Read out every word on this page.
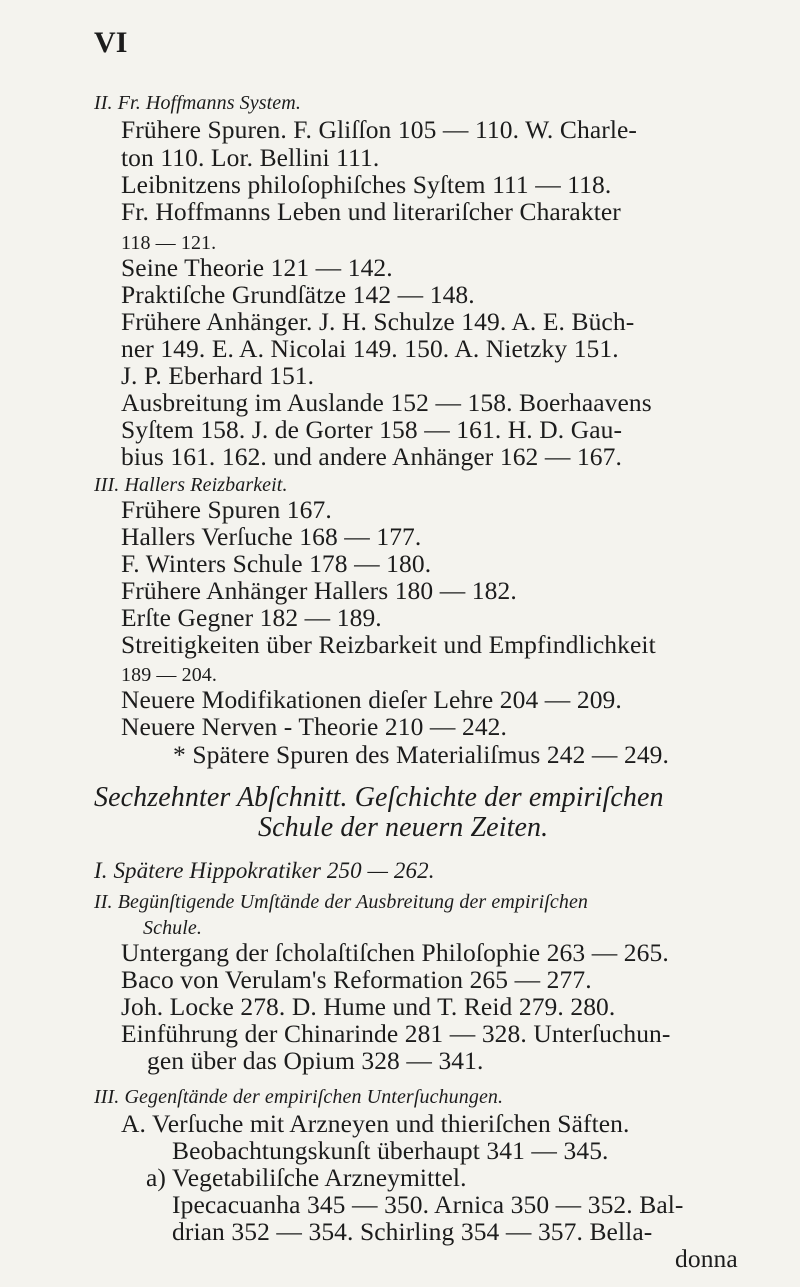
VI
II. Fr. Hoffmanns System.
Frühere Spuren. F. Gliſſon 105 — 110. W. Charle-
ton 110. Lor. Bellini 111.
Leibnitzens philoſophiſches Syſtem 111 — 118.
Fr. Hoffmanns Leben und literariſcher Charakter
118 — 121.
Seine Theorie 121 — 142.
Praktiſche Grundſätze 142 — 148.
Frühere Anhänger. J. H. Schulze 149. A. E. Büch-
ner 149. E. A. Nicolai 149. 150. A. Nietzky 151.
J. P. Eberhard 151.
Ausbreitung im Auslande 152 — 158. Boerhaavens
Syſtem 158. J. de Gorter 158 — 161. H. D. Gau-
bius 161. 162. und andere Anhänger 162 — 167.
III. Hallers Reizbarkeit.
Frühere Spuren 167.
Hallers Verſuche 168 — 177.
F. Winters Schule 178 — 180.
Frühere Anhänger Hallers 180 — 182.
Erſte Gegner 182 — 189.
Streitigkeiten über Reizbarkeit und Empfindlichkeit
189 — 204.
Neuere Modifikationen dieſer Lehre 204 — 209.
Neuere Nerven - Theorie 210 — 242.
* Spätere Spuren des Materialiſmus 242 — 249.
Sechzehnter Abſchnitt. Geſchichte der empiriſchen
Schule der neuern Zeiten.
I. Spätere Hippokratiker 250 — 262.
II. Begünſtigende Umſtände der Ausbreitung der empiriſchen
Schule.
Untergang der ſcholaſtiſchen Philoſophie 263 — 265.
Baco von Verulam's Reformation 265 — 277.
Joh. Locke 278. D. Hume und T. Reid 279. 280.
Einführung der Chinarinde 281 — 328. Unterſuchun-
gen über das Opium 328 — 341.
III. Gegenſtände der empiriſchen Unterſuchungen.
A. Verſuche mit Arzneyen und thieriſchen Säften.
Beobachtungskunſt überhaupt 341 — 345.
a) Vegetabiliſche Arzneymittel.
Ipecacuanha 345 — 350. Arnica 350 — 352. Bal-
drian 352 — 354. Schirling 354 — 357. Bella-
donna
